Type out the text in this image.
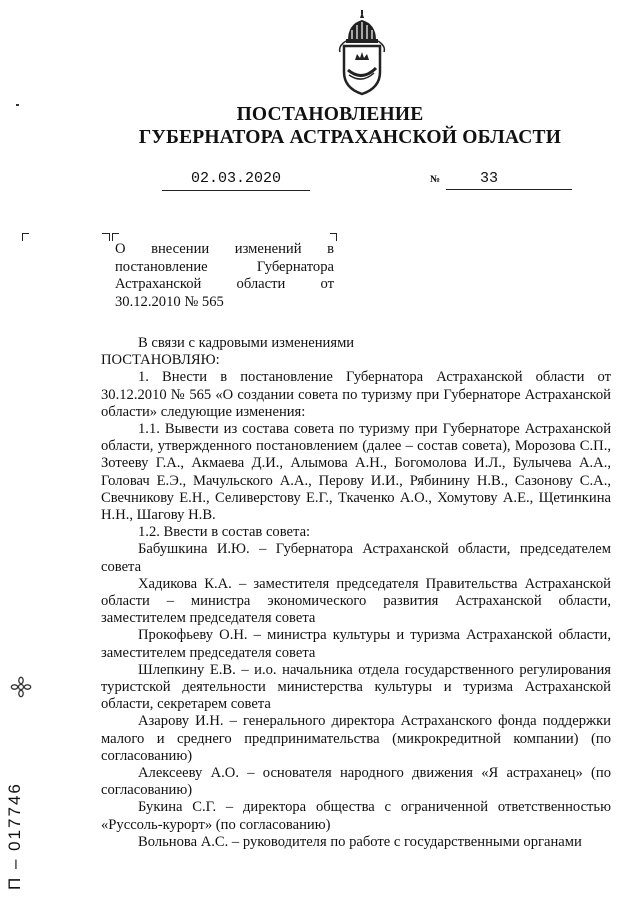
ПОСТАНОВЛЕНИЕ
ГУБЕРНАТОРА АСТРАХАНСКОЙ ОБЛАСТИ
02.03.2020	№	33
О внесении изменений в постановление Губернатора Астраханской области от 30.12.2010 № 565

В связи с кадровыми изменениями

ПОСТАНОВЛЯЮ:

1. Внести в постановление Губернатора Астраханской области от 30.12.2010 № 565 «О создании совета по туризму при Губернаторе Астраханской области» следующие изменения:

1.1. Вывести из состава совета по туризму при Губернаторе Астраханской области, утвержденного постановлением (далее – состав совета), Морозова С.П., Зотееву Г.А., Акмаева Д.И., Алымова А.Н., Богомолова И.Л., Булычева А.А., Головач Е.Э., Мачульского А.А., Перову И.И., Рябинину Н.В., Сазонову С.А., Свечникову Е.Н., Селиверстову Е.Г., Ткаченко А.О., Хомутову А.Е., Щетинкина Н.Н., Шагову Н.В.

1.2. Ввести в состав совета:

Бабушкина И.Ю. – Губернатора Астраханской области, председателем совета

Хадикова К.А. – заместителя председателя Правительства Астраханской области – министра экономического развития Астраханской области, заместителем председателя совета

Прокофьеву О.Н. – министра культуры и туризма Астраханской области, заместителем председателя совета

Шлепкину Е.В. – и.о. начальника отдела государственного регулирования туристской деятельности министерства культуры и туризма Астраханской области, секретарем совета

Азарову И.Н. – генерального директора Астраханского фонда поддержки малого и среднего предпринимательства (микрокредитной компании) (по согласованию)

Алексееву А.О. – основателя народного движения «Я астраханец» (по согласованию)

Букина С.Г. – директора общества с ограниченной ответственностью «Руссоль-курорт» (по согласованию)

Вольнова А.С. – руководителя по работе с государственными органами

П – 017746
